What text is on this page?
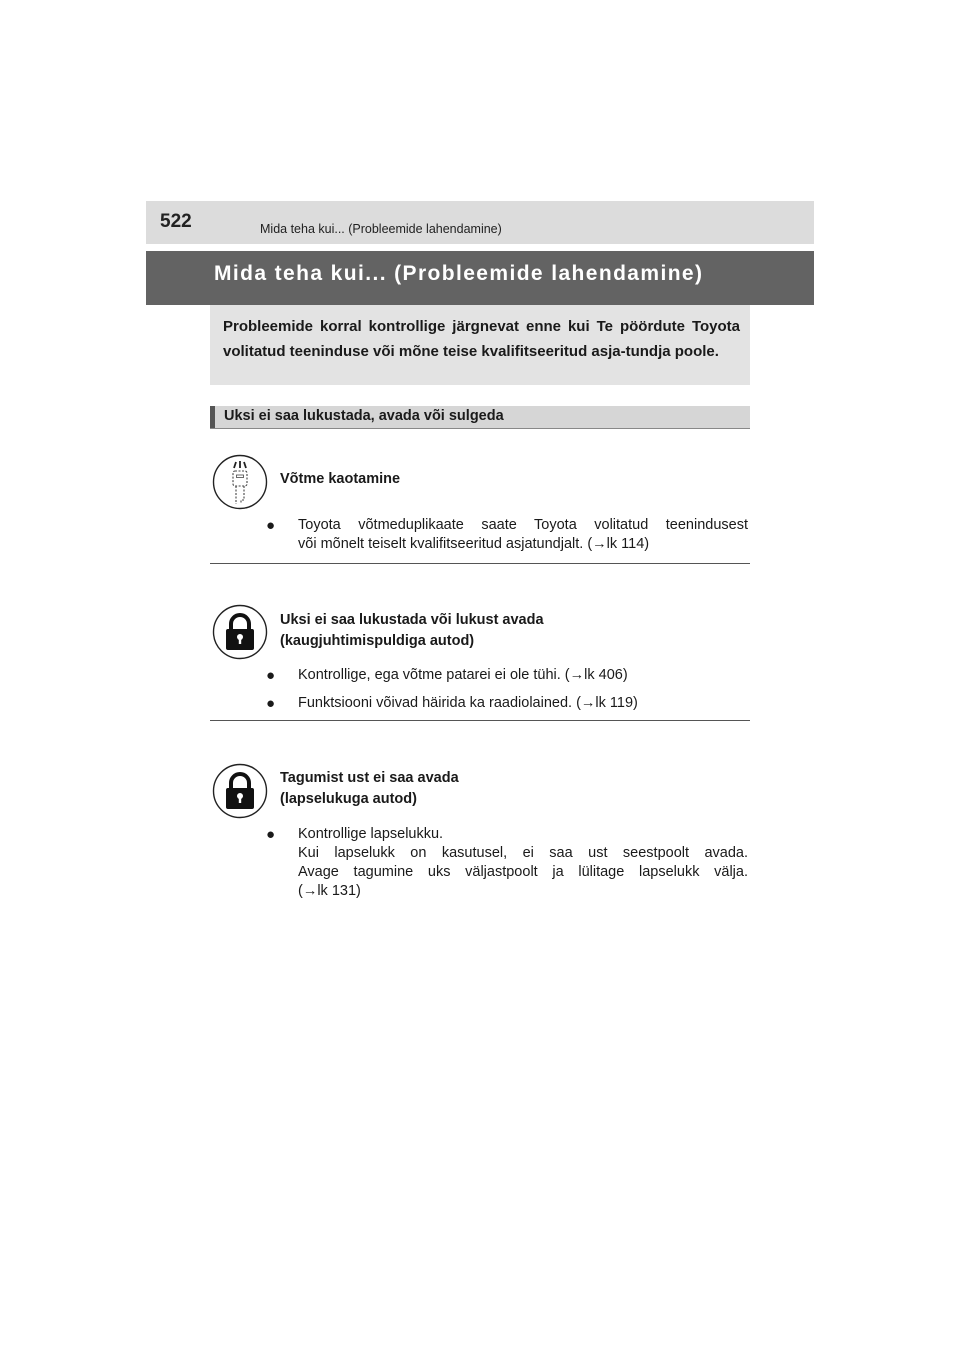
522	Mida teha kui... (Probleemide lahendamine)
Mida teha kui... (Probleemide lahendamine)
Probleemide korral kontrollige järgnevat enne kui Te pöördute Toyota volitatud teeninduse või mõne teise kvalifitseeritud asja-tundja poole.
Uksi ei saa lukustada, avada või sulgeda
Võtme kaotamine
● Toyota võtmeduplikaate saate Toyota volitatud teenindusest
või mõnelt teiselt kvalifitseeritud asjatundjalt. (→lk 114)
Uksi ei saa lukustada või lukust avada
(kaugjuhtimispuldiga autod)
● Kontrollige, ega võtme patarei ei ole tühi. (→lk 406)
● Funktsiooni võivad häirida ka raadiolained. (→lk 119)
Tagumist ust ei saa avada
(lapselukuga autod)
● Kontrollige lapselukku.
Kui lapselukk on kasutusel, ei saa ust seestpoolt avada.
Avage tagumine uks väljastpoolt ja lülitage lapselukk välja.
(→lk 131)
